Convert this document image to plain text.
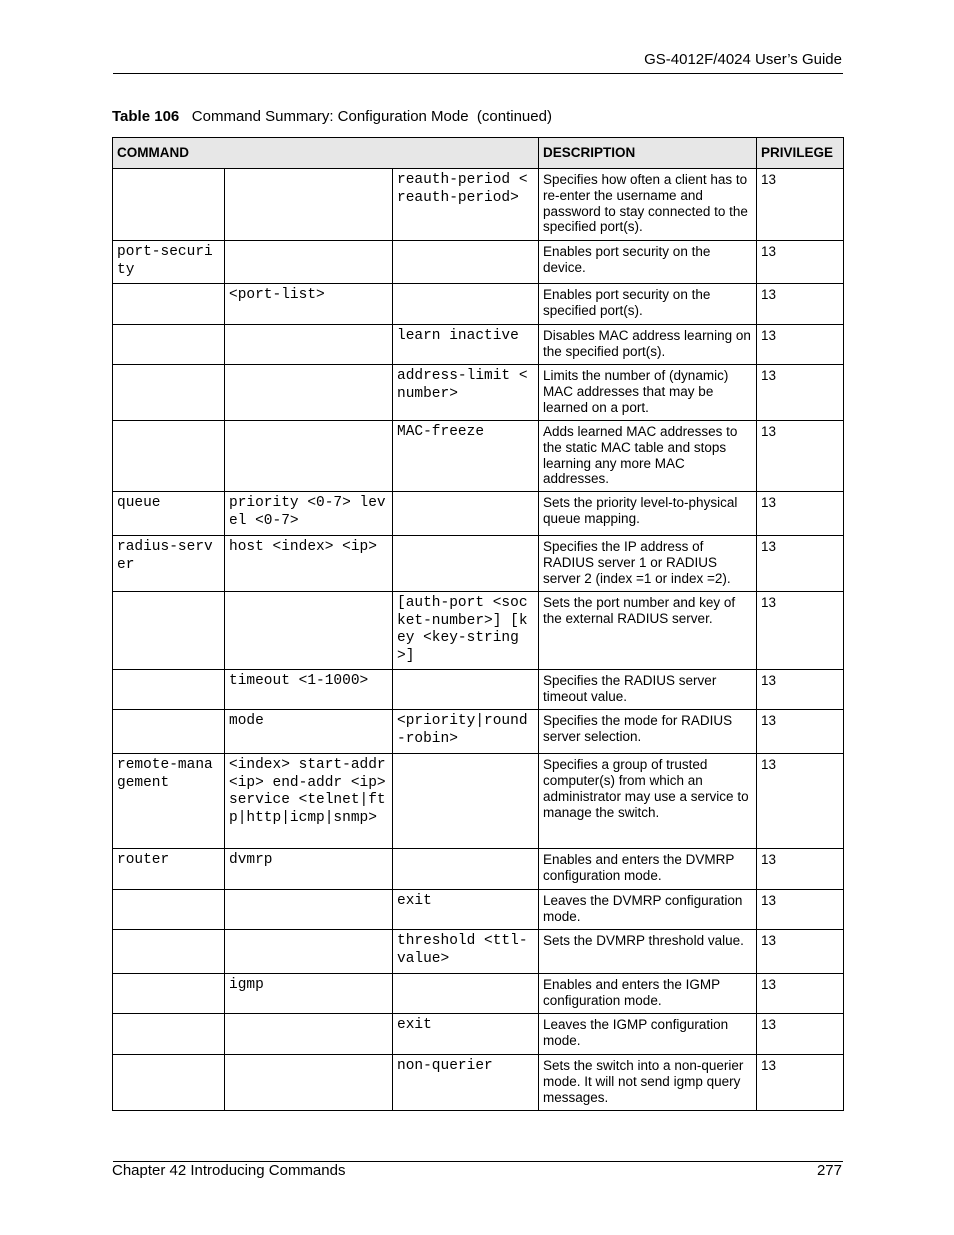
GS-4012F/4024 User’s Guide
Table 106 Command Summary: Configuration Mode  (continued)
COMMAND			DESCRIPTION	PRIVILEGE
		reauth-period <reauth-period>	Specifies how often a client has to re-enter the username and password to stay connected to the specified port(s).	13
port-security			Enables port security on the device.	13
	<port-list>		Enables port security on the specified port(s).	13
		learn inactive	Disables MAC address learning on the specified port(s).	13
		address-limit <number>	Limits the number of (dynamic) MAC addresses that may be learned on a port.	13
		MAC-freeze	Adds learned MAC addresses to the static MAC table and stops learning any more MAC addresses.	13
queue	priority <0-7> level <0-7>		Sets the priority level-to-physical queue mapping.	13
radius-server	host <index> <ip>		Specifies the IP address of RADIUS server 1 or RADIUS server 2 (index =1 or index =2).	13
		[auth-port <socket-number>] [key <key-string>]	Sets the port number and key of the external RADIUS server.	13
	timeout <1-1000>		Specifies the RADIUS server timeout value.	13
	mode	<priority|round-robin>	Specifies the mode for RADIUS server selection.	13
remote-management	<index> start-addr <ip> end-addr <ip> service <telnet|ftp|http|icmp|snmp>		Specifies a group of trusted computer(s) from which an administrator may use a service to manage the switch.	13
router	dvmrp		Enables and enters the DVMRP configuration mode.	13
		exit	Leaves the DVMRP configuration mode.	13
		threshold <ttl-value>	Sets the DVMRP threshold value.	13
	igmp		Enables and enters the IGMP configuration mode.	13
		exit	Leaves the IGMP configuration mode.	13
		non-querier	Sets the switch into a non-querier mode. It will not send igmp query messages.	13
Chapter 42 Introducing Commands	277
